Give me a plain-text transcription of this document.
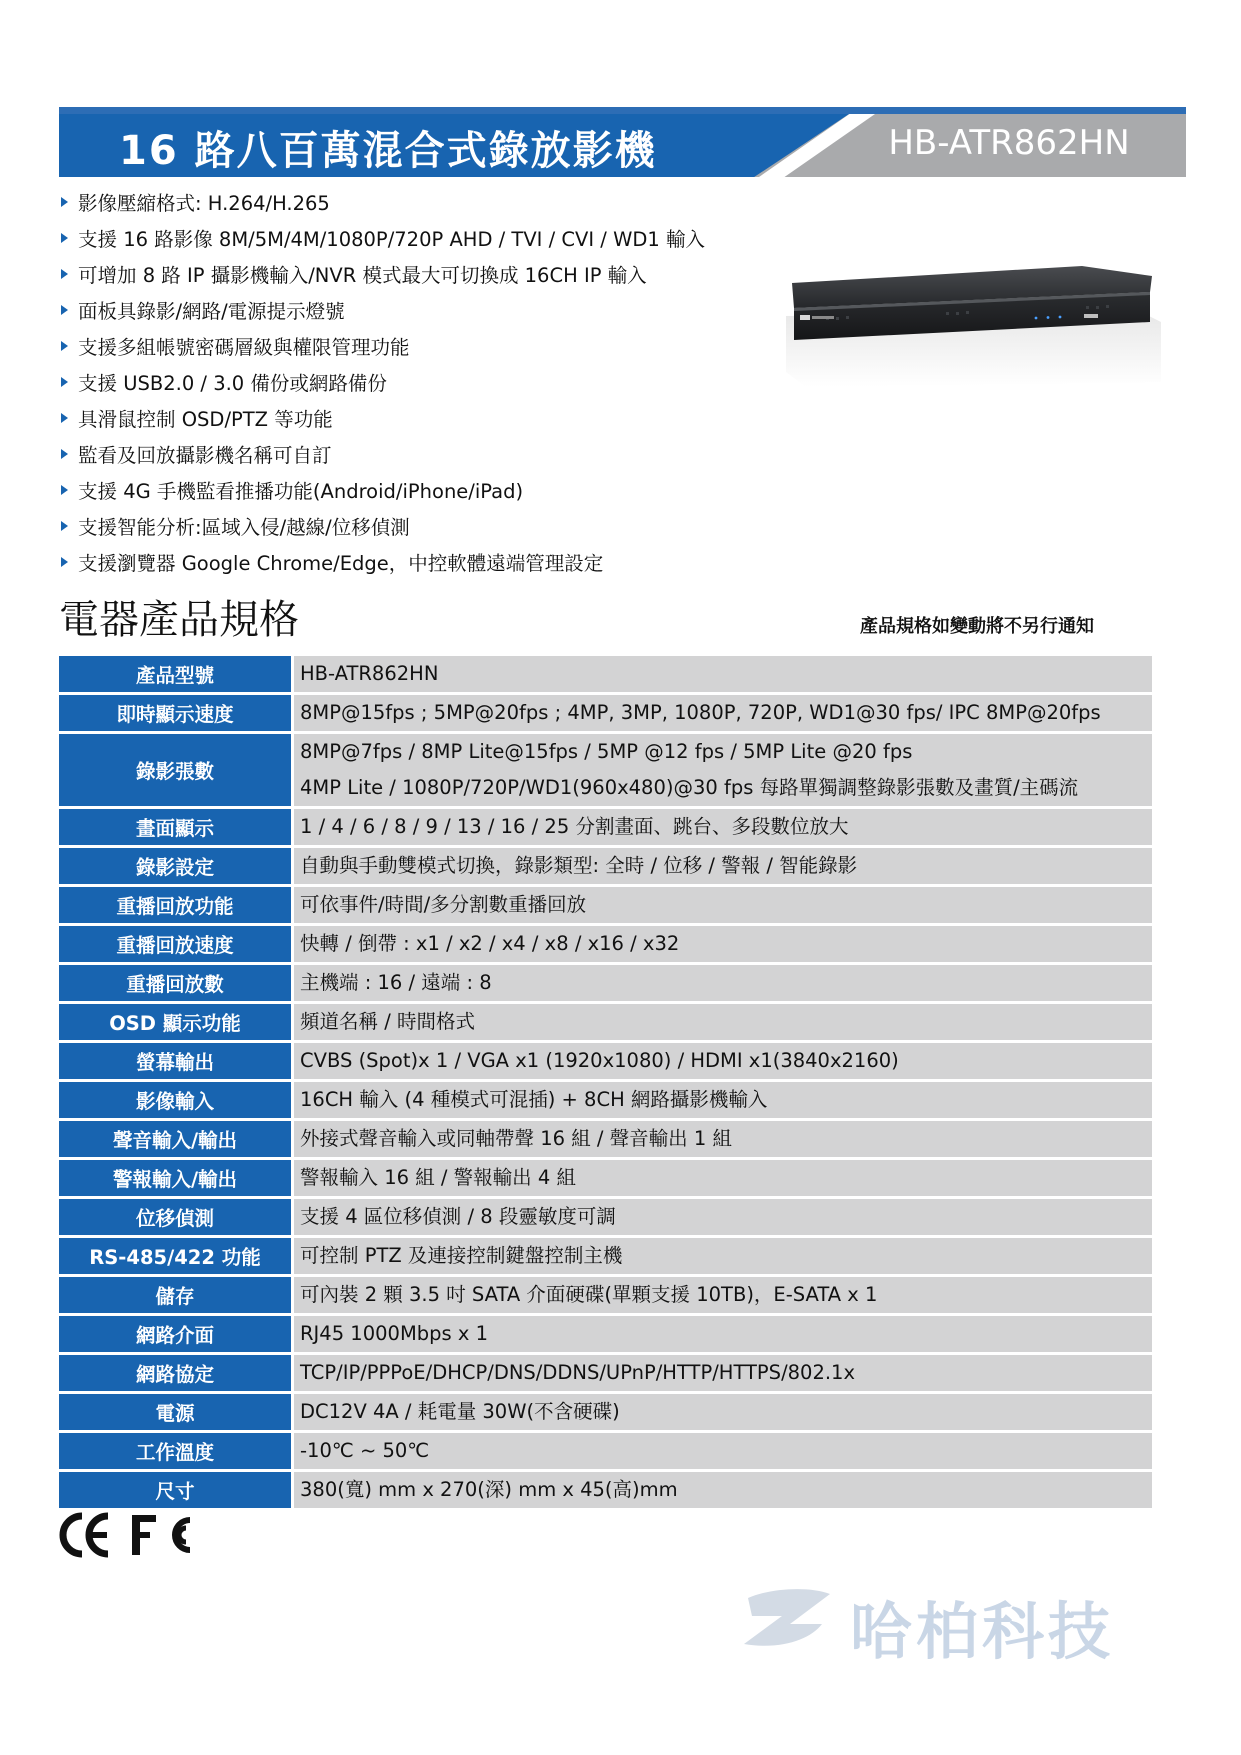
16 路八百萬混合式錄放影機	HB-ATR862HN
影像壓縮格式: H.264/H.265
支援 16 路影像 8M/5M/4M/1080P/720P AHD / TVI / CVI / WD1 輸入
可增加 8 路 IP 攝影機輸入/NVR 模式最大可切換成 16CH IP 輸入
面板具錄影/網路/電源提示燈號
支援多組帳號密碼層級與權限管理功能
支援 USB2.0 / 3.0 備份或網路備份
具滑鼠控制 OSD/PTZ 等功能
監看及回放攝影機名稱可自訂
支援 4G 手機監看推播功能(Android/iPhone/iPad)
支援智能分析:區域入侵/越線/位移偵測
支援瀏覽器 Google Chrome/Edge，中控軟體遠端管理設定
電器產品規格	產品規格如變動將不另行通知
產品型號	HB-ATR862HN

即時顯示速度	8MP@15fps ; 5MP@20fps ; 4MP, 3MP, 1080P, 720P, WD1@30 fps/ IPC 8MP@20fps

錄影張數	8MP@7fps / 8MP Lite@15fps / 5MP @12 fps / 5MP Lite @20 fps
4MP Lite / 1080P/720P/WD1(960x480)@30 fps 每路單獨調整錄影張數及畫質/主碼流

畫面顯示	1 / 4 / 6 / 8 / 9 / 13 / 16 / 25 分割畫面、跳台、多段數位放大

錄影設定	自動與手動雙模式切換，錄影類型: 全時 / 位移 / 警報 / 智能錄影

重播回放功能	可依事件/時間/多分割數重播回放

重播回放速度	快轉 / 倒帶 : x1 / x2 / x4 / x8 / x16 / x32

重播回放數	主機端 : 16 / 遠端 : 8

OSD 顯示功能	頻道名稱 / 時間格式

螢幕輸出	CVBS (Spot)x 1 / VGA x1 (1920x1080) / HDMI x1(3840x2160)

影像輸入	16CH 輸入 (4 種模式可混插) + 8CH 網路攝影機輸入

聲音輸入/輸出	外接式聲音輸入或同軸帶聲 16 組 / 聲音輸出 1 組

警報輸入/輸出	警報輸入 16 組 / 警報輸出 4 組

位移偵測	支援 4 區位移偵測 / 8 段靈敏度可調

RS-485/422 功能	可控制 PTZ 及連接控制鍵盤控制主機

儲存	可內裝 2 顆 3.5 吋 SATA 介面硬碟(單顆支援 10TB)，E-SATA x 1

網路介面	RJ45 1000Mbps x 1

網路協定	TCP/IP/PPPoE/DHCP/DNS/DDNS/UPnP/HTTP/HTTPS/802.1x

電源	DC12V 4A / 耗電量 30W(不含硬碟)

工作溫度	-10℃ ~ 50℃

尺寸	380(寬) mm x 270(深) mm x 45(高)mm
哈柏科技
